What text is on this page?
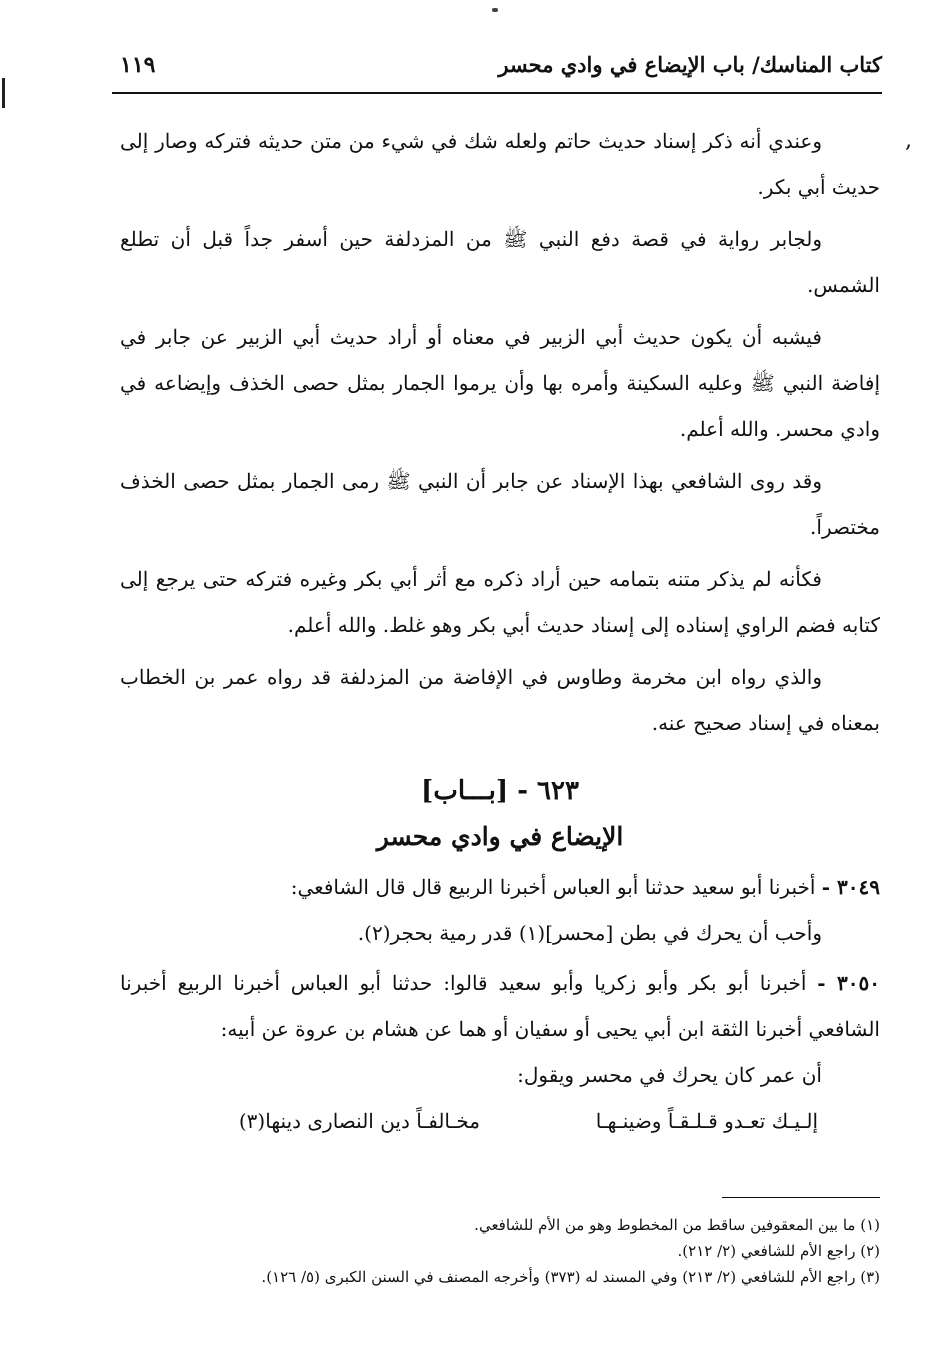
,
كتاب المناسك/ باب الإيضاع في وادي محسر
١١٩

وعندي أنه ذكر إسناد حديث حاتم ولعله شك في شيء من متن حديثه فتركه وصار إلى حديث أبي بكر.

ولجابر رواية في قصة دفع النبي ﷺ من المزدلفة حين أسفر جداً قبل أن تطلع الشمس.

فيشبه أن يكون حديث أبي الزبير في معناه أو أراد حديث أبي الزبير عن جابر في إفاضة النبي ﷺ وعليه السكينة وأمره بها وأن يرموا الجمار بمثل حصى الخذف وإيضاعه في وادي محسر. والله أعلم.

وقد روى الشافعي بهذا الإسناد عن جابر أن النبي ﷺ رمى الجمار بمثل حصى الخذف مختصراً.

فكأنه لم يذكر متنه بتمامه حين أراد ذكره مع أثر أبي بكر وغيره فتركه حتى يرجع إلى كتابه فضم الراوي إسناده إلى إسناد حديث أبي بكر وهو غلط. والله أعلم.

والذي رواه ابن مخرمة وطاوس في الإفاضة من المزدلفة قد رواه عمر بن الخطاب بمعناه في إسناد صحيح عنه.

٦٢٣ - [بـــاب]
الإيضاع في وادي محسر

٣٠٤٩ - أخبرنا أبو سعيد حدثنا أبو العباس أخبرنا الربيع قال قال الشافعي:

وأحب أن يحرك في بطن [محسر](١) قدر رمية بحجر(٢).

٣٠٥٠ - أخبرنا أبو بكر وأبو زكريا وأبو سعيد قالوا: حدثنا أبو العباس أخبرنا الربيع أخبرنا الشافعي أخبرنا الثقة ابن أبي يحيى أو سفيان أو هما عن هشام بن عروة عن أبيه:

أن عمر كان يحرك في محسر ويقول:

إلـيـك تعـدو قـلـقـاً وضينـهـا
مخـالفـاً دين النصارى دينها(٣)

(١) ما بين المعقوفين ساقط من المخطوط وهو من الأم للشافعي.

(٢) راجع الأم للشافعي (٢/ ٢١٢).

(٣) راجع الأم للشافعي (٢/ ٢١٣) وفي المسند له (٣٧٣) وأخرجه المصنف في السنن الكبرى (٥/ ١٢٦).
